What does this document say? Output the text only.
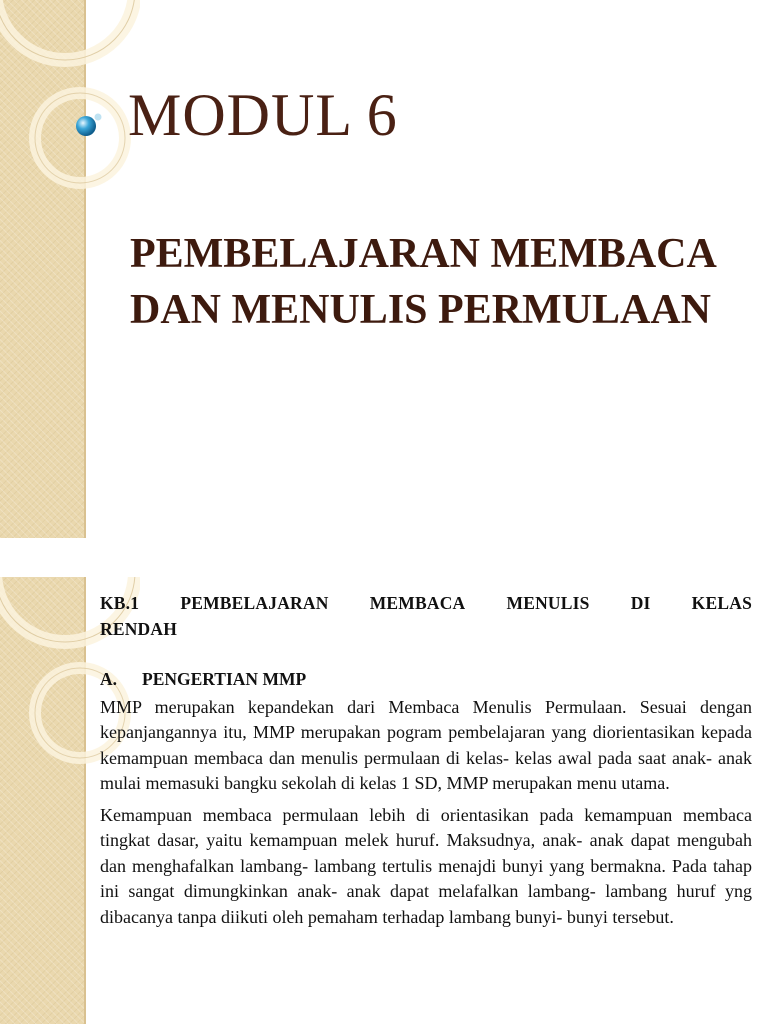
MODUL 6
PEMBELAJARAN MEMBACA DAN MENULIS PERMULAAN
KB.1 PEMBELAJARAN MEMBACA MENULIS DI KELAS
RENDAH
A. PENGERTIAN MMP

MMP merupakan kepandekan dari Membaca Menulis Permulaan. Sesuai dengan kepanjangannya itu, MMP merupakan pogram pembelajaran yang diorientasikan kepada kemampuan membaca dan menulis permulaan di kelas- kelas awal pada saat anak- anak mulai memasuki bangku sekolah di kelas 1 SD, MMP merupakan menu utama.

Kemampuan membaca permulaan lebih di orientasikan pada kemampuan membaca tingkat dasar, yaitu kemampuan melek huruf. Maksudnya, anak- anak dapat mengubah dan menghafalkan lambang- lambang tertulis menajdi bunyi yang bermakna. Pada tahap ini sangat dimungkinkan anak- anak dapat melafalkan lambang- lambang huruf yng dibacanya tanpa diikuti oleh pemaham terhadap lambang bunyi- bunyi tersebut.
